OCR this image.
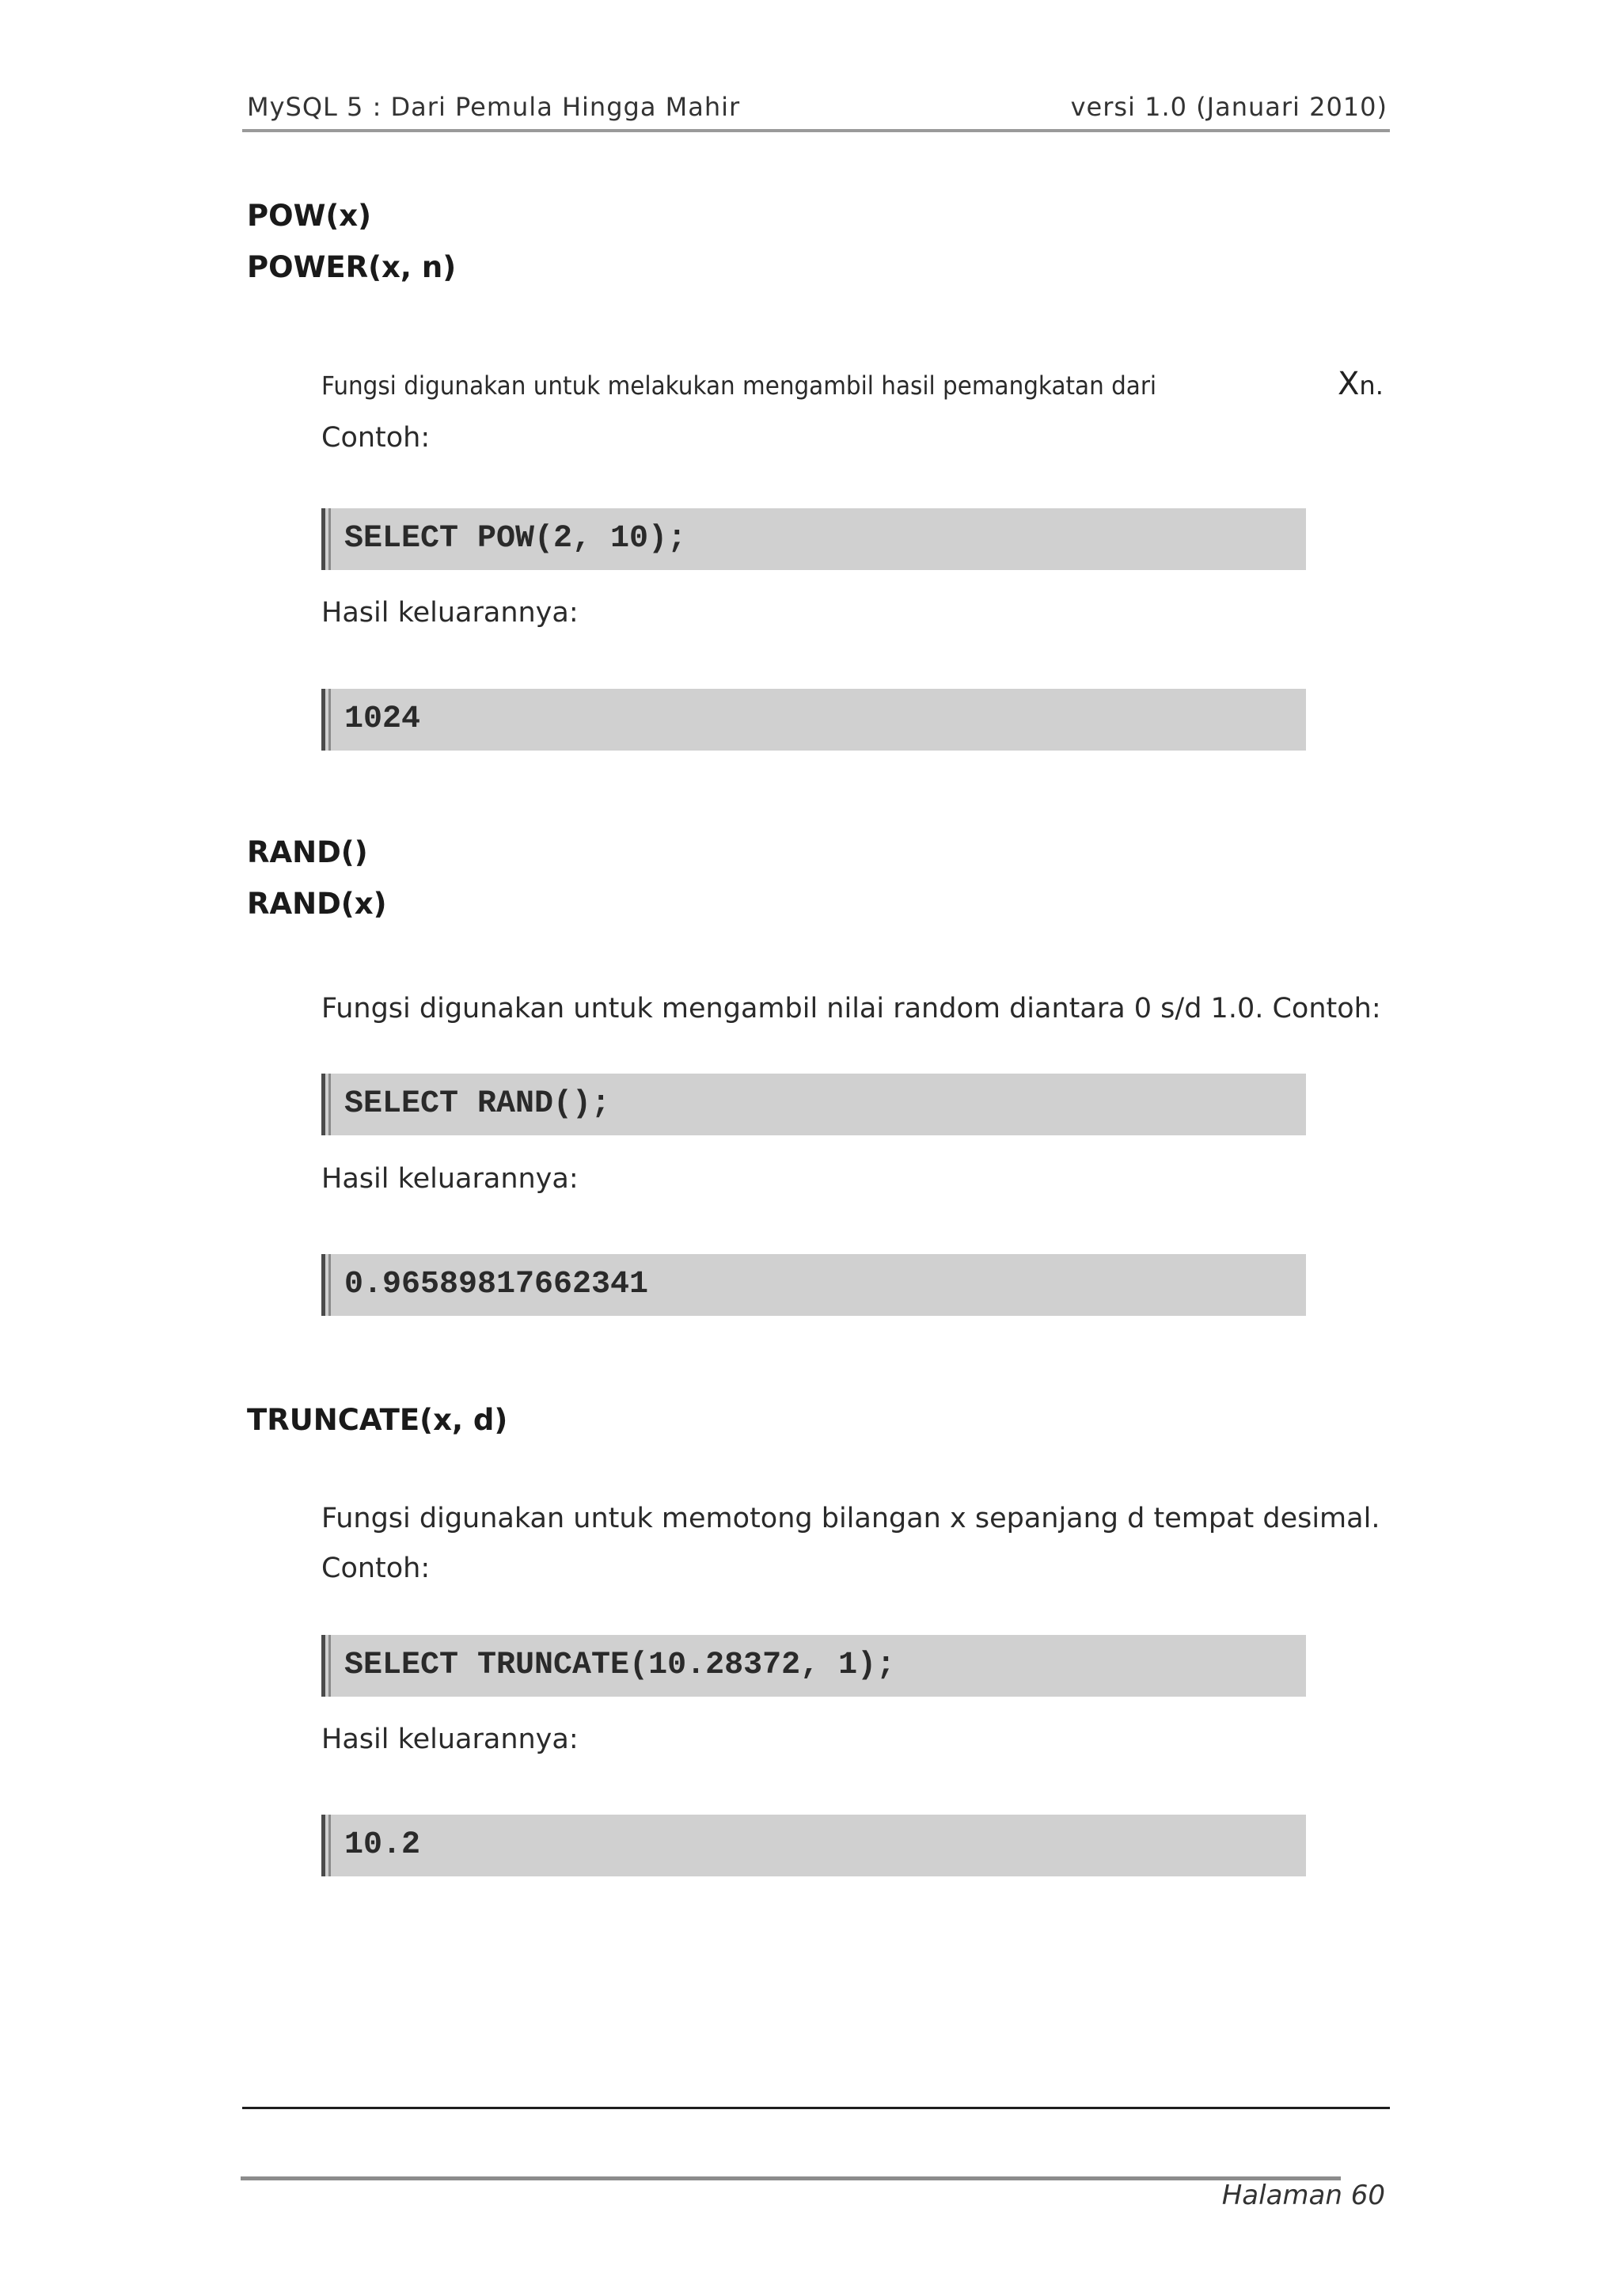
MySQL 5 : Dari Pemula Hingga Mahir	versi 1.0 (Januari 2010)
POW(x)
POWER(x, n)
Fungsi digunakan untuk melakukan mengambil hasil pemangkatan dari	Xn.
Contoh:
SELECT POW(2, 10);
Hasil keluarannya:
1024
RAND()
RAND(x)
Fungsi digunakan untuk mengambil nilai random diantara 0 s/d 1.0. Contoh:
SELECT RAND();
Hasil keluarannya:
0.96589817662341
TRUNCATE(x, d)
Fungsi digunakan untuk memotong bilangan x sepanjang d tempat desimal.
Contoh:
SELECT TRUNCATE(10.28372, 1);
Hasil keluarannya:
10.2
Halaman 60
